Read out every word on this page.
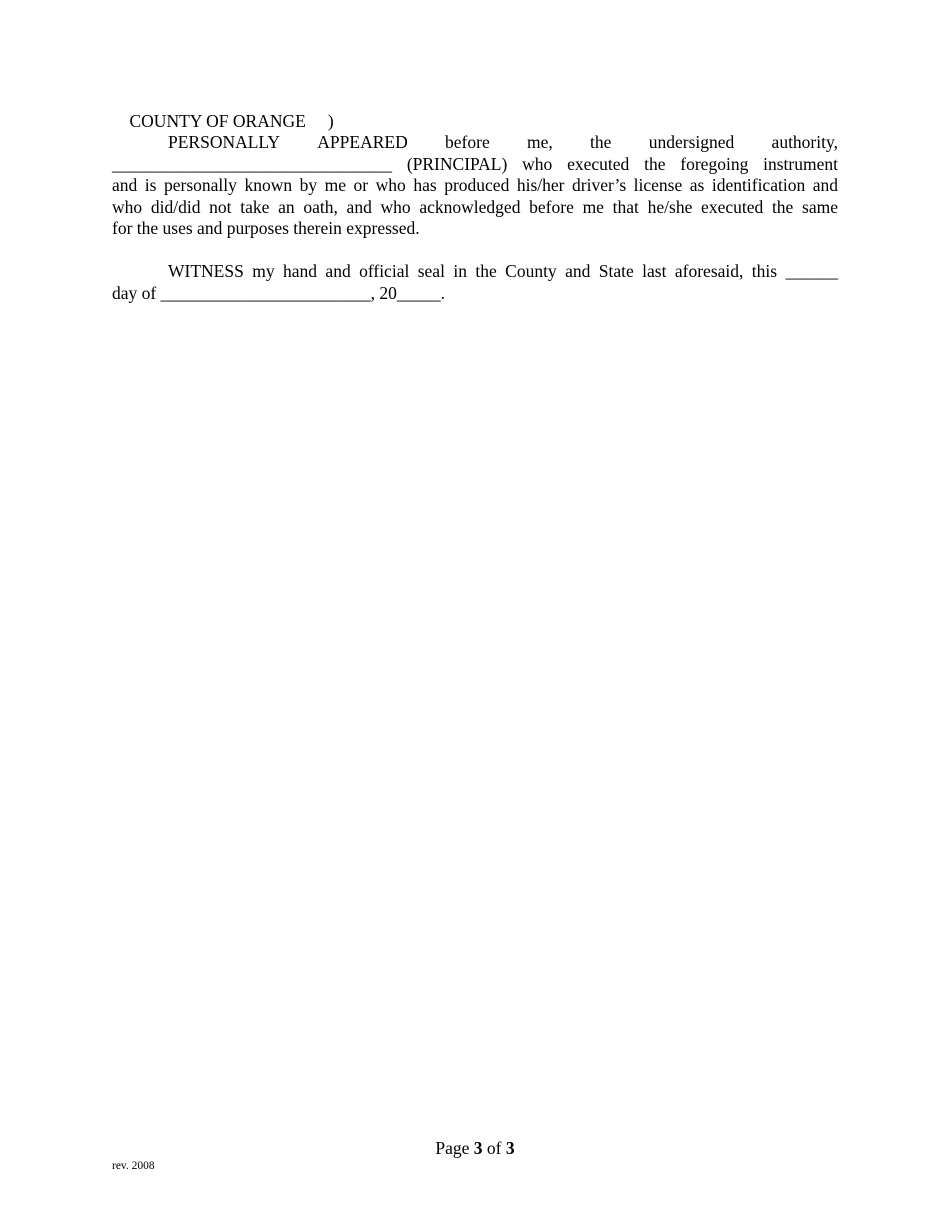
COUNTY OF ORANGE )

PERSONALLY APPEARED before me, the undersigned authority,
________________________________ (PRINCIPAL) who executed the foregoing instrument
and is personally known by me or who has produced his/her driver’s license as identification and
who did/did not take an oath, and who acknowledged before me that he/she executed the same
for the uses and purposes therein expressed.
WITNESS my hand and official seal in the County and State last aforesaid, this ______
day of ________________________, 20_____.
Page 3 of 3
rev. 2008
